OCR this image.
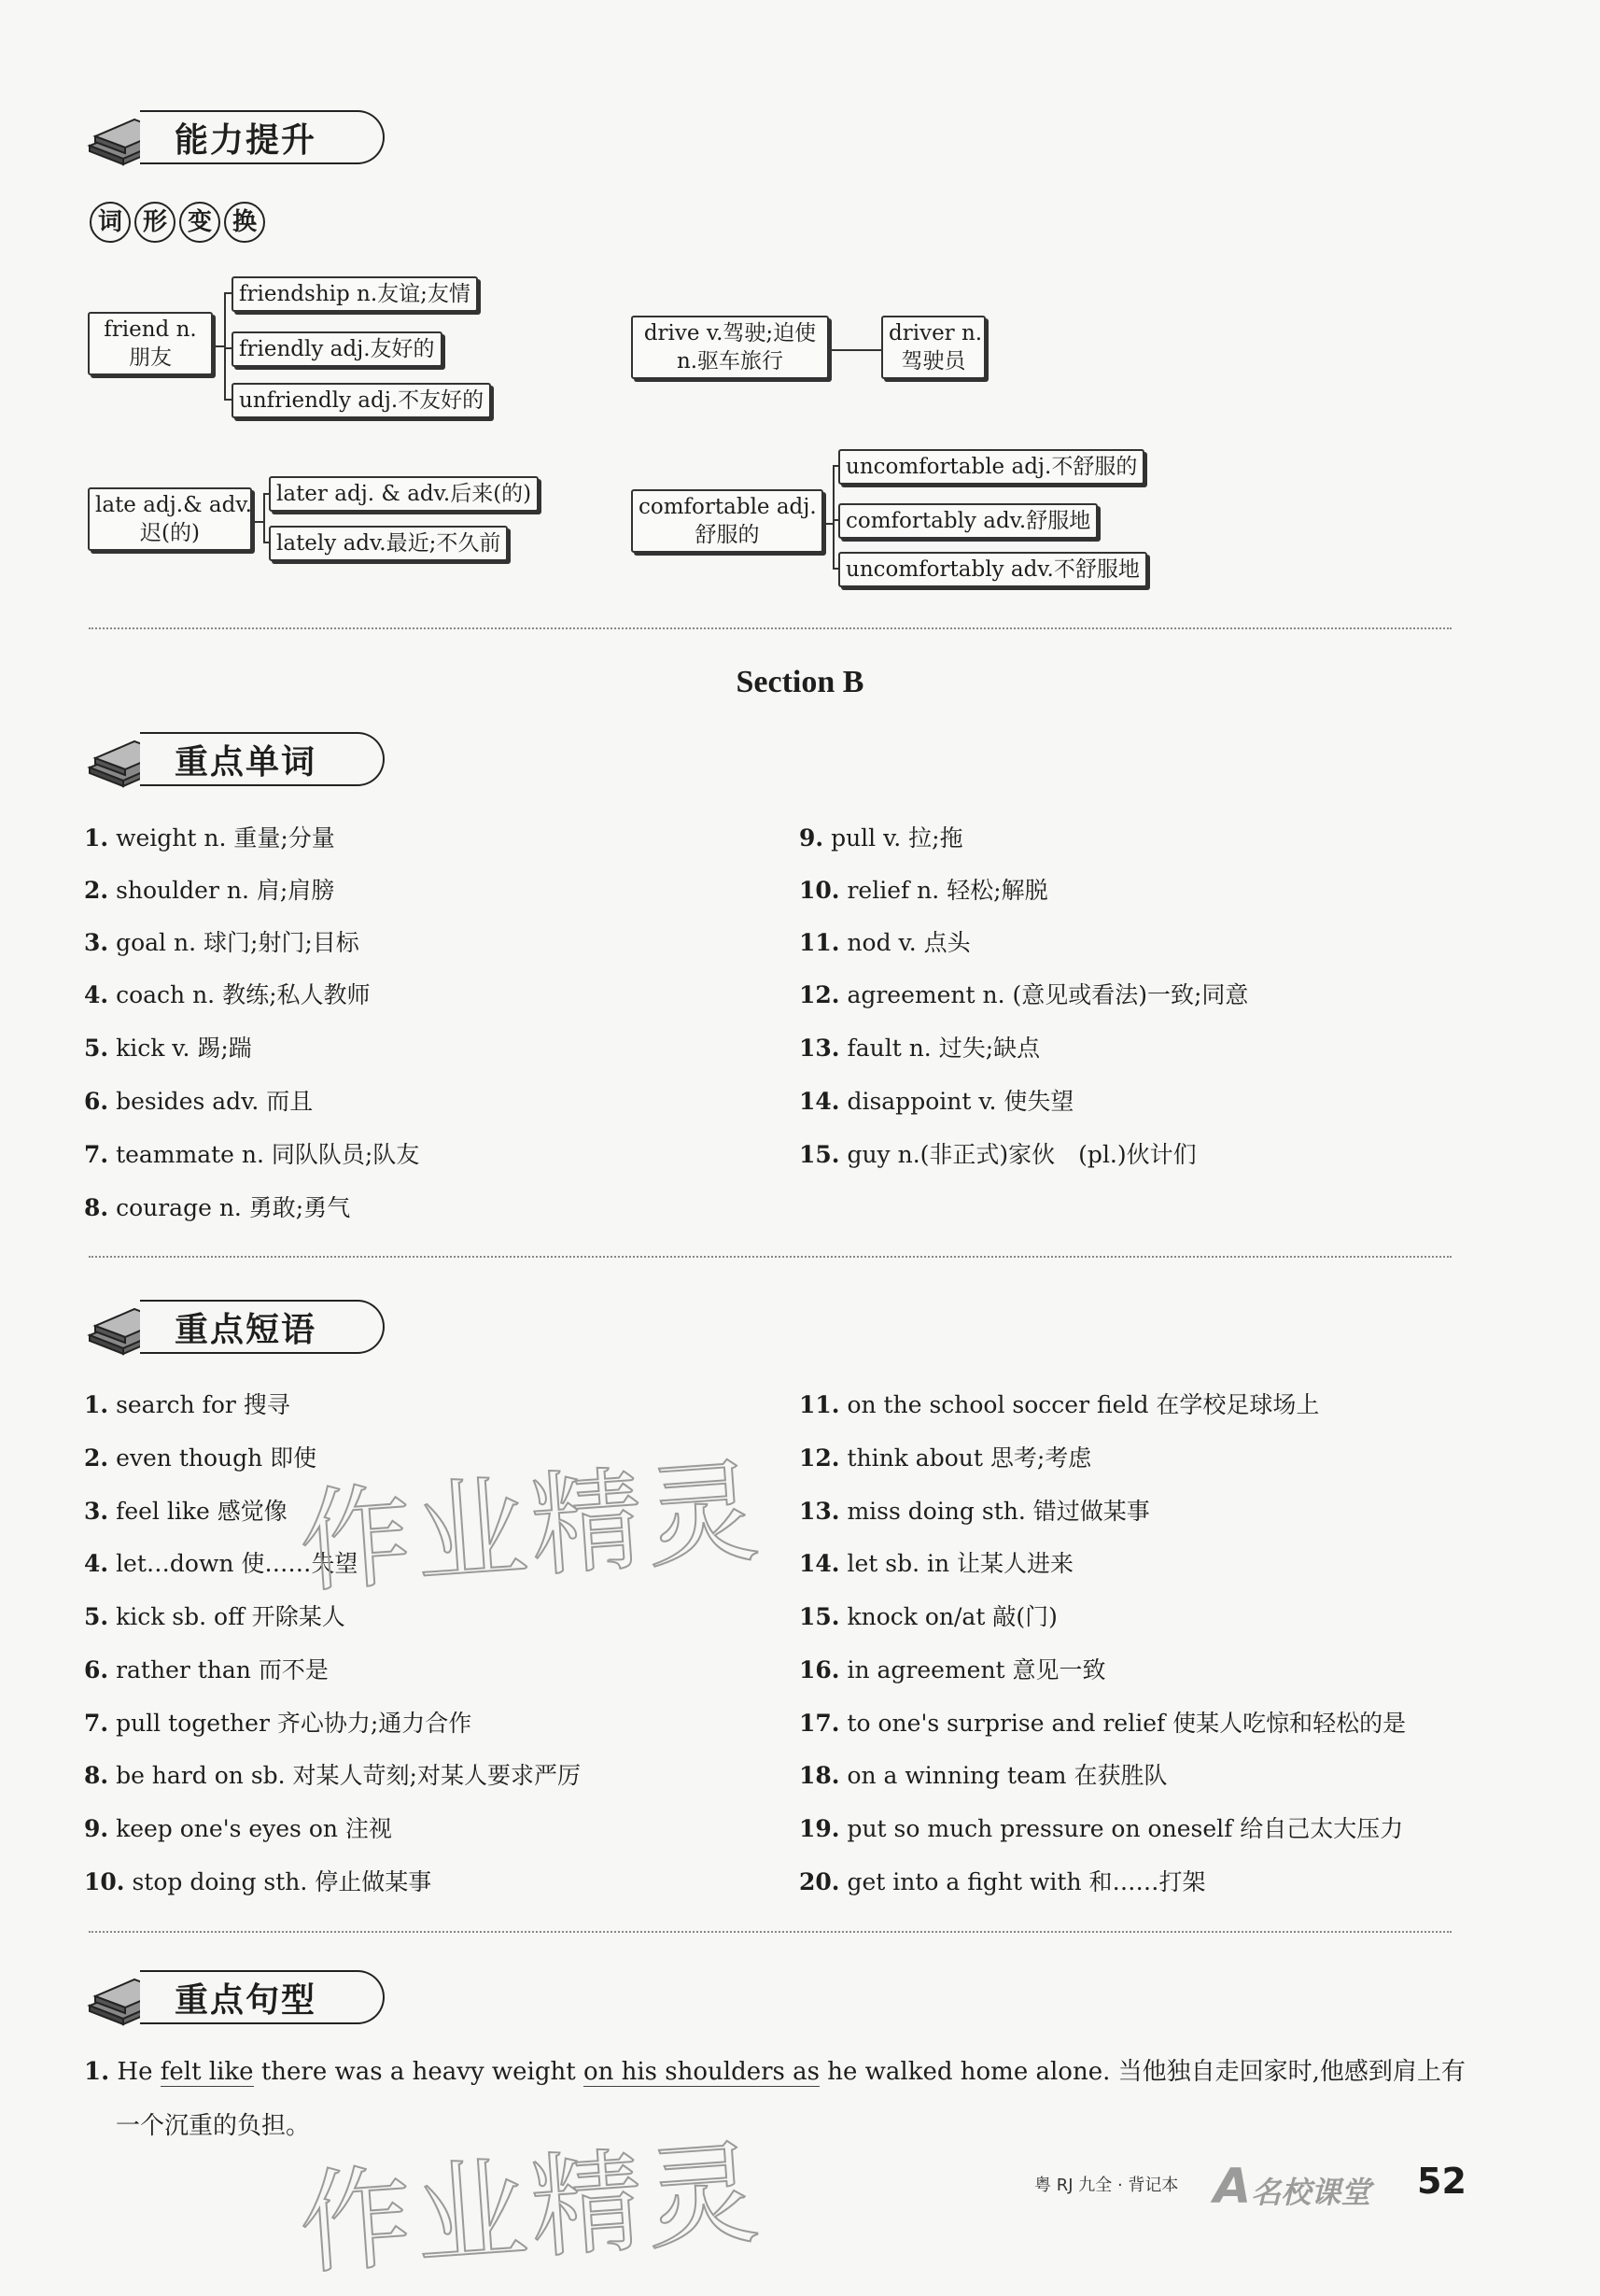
能力提升
词 形 变 换
friend n.
朋友
friendship n.友谊;友情
friendly adj.友好的
unfriendly adj.不友好的
drive v.驾驶;迫使
n.驱车旅行
driver n.
驾驶员
late adj.& adv.
迟(的)
later adj. & adv.后来(的)
lately adv.最近;不久前
comfortable adj.
舒服的
uncomfortable adj.不舒服的
comfortably adv.舒服地
uncomfortably adv.不舒服地
Section B
重点单词
1. weight n. 重量;分量
2. shoulder n. 肩;肩膀
3. goal n. 球门;射门;目标
4. coach n. 教练;私人教师
5. kick v. 踢;踹
6. besides adv. 而且
7. teammate n. 同队队员;队友
8. courage n. 勇敢;勇气
9. pull v. 拉;拖
10. relief n. 轻松;解脱
11. nod v. 点头
12. agreement n. (意见或看法)一致;同意
13. fault n. 过失;缺点
14. disappoint v. 使失望
15. guy n.(非正式)家伙　(pl.)伙计们
重点短语
1. search for 搜寻
2. even though 即使
3. feel like 感觉像
4. let…down 使……失望
5. kick sb. off 开除某人
6. rather than 而不是
7. pull together 齐心协力;通力合作
8. be hard on sb. 对某人苛刻;对某人要求严厉
9. keep one's eyes on 注视
10. stop doing sth. 停止做某事
11. on the school soccer field 在学校足球场上
12. think about 思考;考虑
13. miss doing sth. 错过做某事
14. let sb. in 让某人进来
15. knock on/at 敲(门)
16. in agreement 意见一致
17. to one's surprise and relief 使某人吃惊和轻松的是
18. on a winning team 在获胜队
19. put so much pressure on oneself 给自己太大压力
20. get into a fight with 和……打架
重点句型
1. He felt like there was a heavy weight on his shoulders as he walked home alone. 当他独自走回家时,他感到肩上有
一个沉重的负担。
作业精灵
作业精灵	粤 RJ 九全 · 背记本 A名校课堂 52
